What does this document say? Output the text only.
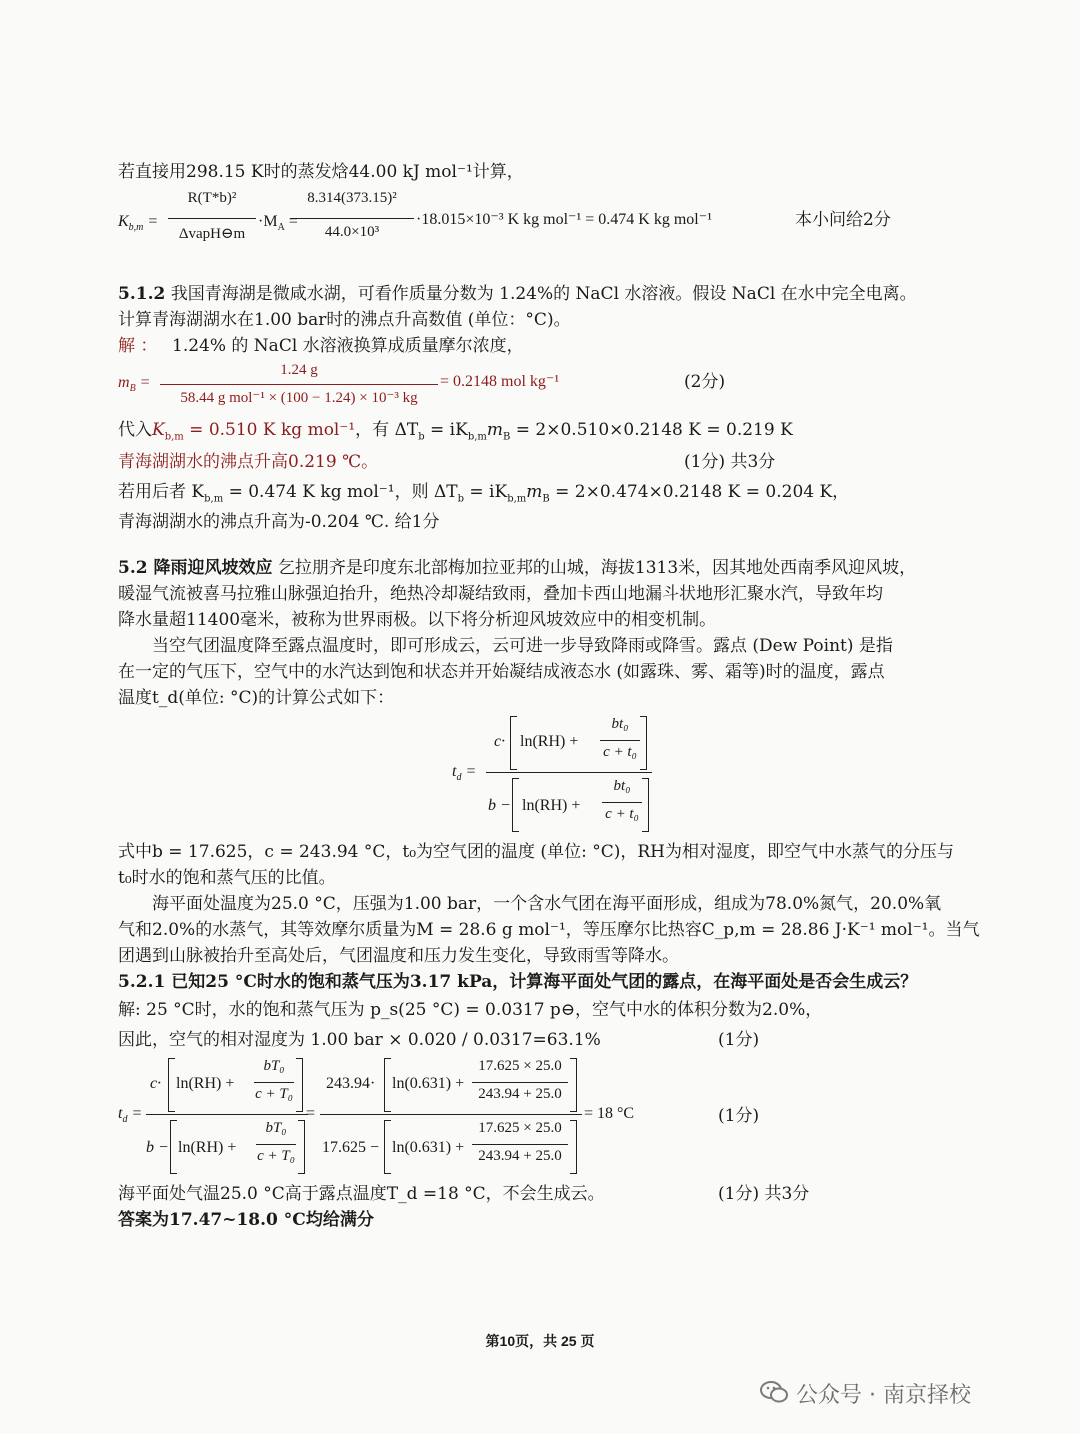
若直接用298.15 K时的蒸发焓44.00 kJ mol⁻¹计算，
$K_{b,m}$ =
R(T*b)²
ΔvapH⊖m
$\cdot M_A$ =
8.314(373.15)²
44.0×10³
·18.015×10⁻³ K kg mol⁻¹ = 0.474 K kg mol⁻¹	本小问给2分
5.1.2 我国青海湖是微咸水湖，可看作质量分数为 1.24%的 NaCl 水溶液。假设 NaCl 在水中完全电离。
计算青海湖湖水在1.00 bar时的沸点升高数值 (单位：°C)。
解 ： 1.24% 的 NaCl 水溶液换算成质量摩尔浓度，
$m_B$ =
1.24 g
58.44 g mol⁻¹ × (100 − 1.24) × 10⁻³ kg
= 0.2148 mol kg⁻¹	(2分)
代入$K_{b,m} = 0.510$ K kg mol⁻¹，有 $\Delta T_b = iK_{b,m}m_B = 2\times 0.510\times 0.2148$ K = 0.219 K
青海湖湖水的沸点升高0.219 ℃。	(1分) 共3分
若用后者 $K_{b,m} = 0.474$ K kg mol⁻¹，则 $\Delta T_b = iK_{b,m}m_B = 2\times 0.474\times 0.2148$ K = 0.204 K，
青海湖湖水的沸点升高为-0.204 ℃. 给1分
5.2 降雨迎风坡效应 乞拉朋齐是印度东北部梅加拉亚邦的山城，海拔1313米，因其地处西南季风迎风坡，
暖湿气流被喜马拉雅山脉强迫抬升，绝热冷却凝结致雨，叠加卡西山地漏斗状地形汇聚水汽，导致年均
降水量超11400毫米，被称为世界雨极。以下将分析迎风坡效应中的相变机制。
当空气团温度降至露点温度时，即可形成云，云可进一步导致降雨或降雪。露点 (Dew Point) 是指
在一定的气压下，空气中的水汽达到饱和状态并开始凝结成液态水 (如露珠、雾、霜等)时的温度，露点
温度t_d(单位: °C)的计算公式如下：
$t_d$ =
c· ln(RH) +
bt₀
c + t₀
b − ln(RH) +
bt₀
c + t₀
式中b = 17.625，c = 243.94 °C，t₀为空气团的温度 (单位: °C)，RH为相对湿度，即空气中水蒸气的分压与
t₀时水的饱和蒸气压的比值。
海平面处温度为25.0 °C，压强为1.00 bar，一个含水气团在海平面形成，组成为78.0%氮气，20.0%氧
气和2.0%的水蒸气，其等效摩尔质量为M = 28.6 g mol⁻¹，等压摩尔比热容C_p,m = 28.86 J·K⁻¹ mol⁻¹。当气
团遇到山脉被抬升至高处后，气团温度和压力发生变化，导致雨雪等降水。
5.2.1 已知25 °C时水的饱和蒸气压为3.17 kPa，计算海平面处气团的露点，在海平面处是否会生成云？
解: 25 °C时，水的饱和蒸气压为 p_s(25 °C) = 0.0317 p⊖，空气中水的体积分数为2.0%，
因此，空气的相对湿度为 1.00 bar × 0.020 / 0.0317=63.1%	(1分)
$t_d$ =
c· ln(RH) +
bT₀
c + T₀
b − ln(RH) +
bT₀
c + T₀
=
243.94· ln(0.631) +
17.625 × 25.0
243.94 + 25.0
17.625 − ln(0.631) +
17.625 × 25.0
243.94 + 25.0
= 18 °C	(1分)
海平面处气温25.0 °C高于露点温度T_d =18 °C，不会生成云。	(1分) 共3分
答案为17.47~18.0 °C均给满分
第10页，共 25 页
公众号 · 南京择校
